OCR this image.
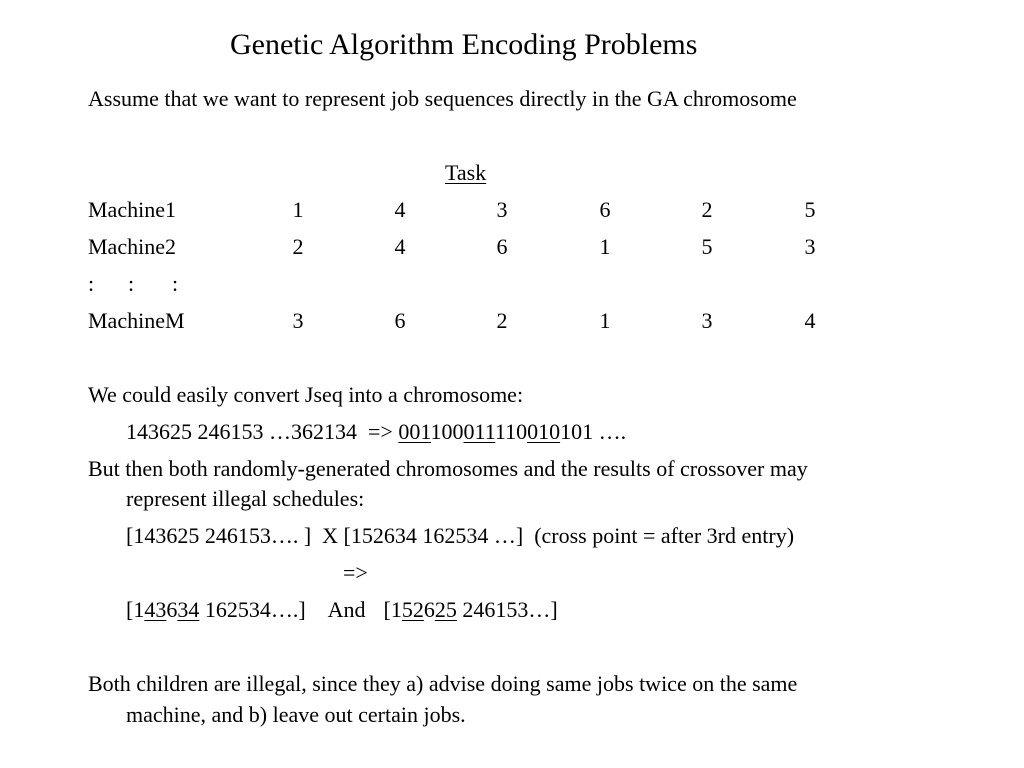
Genetic Algorithm Encoding Problems
Assume that we want to represent job sequences directly in the GA chromosome
Task
Machine1	1	4	3	6	2	5
Machine2	2	4	6	1	5	3
: : :
MachineM	3	6	2	1	3	4
We could easily convert Jseq into a chromosome:
143625 246153 …362134  => 001100011110010101 ….
But then both randomly-generated chromosomes and the results of crossover may
represent illegal schedules:
[143625 246153…. ]  X [152634 162534 …]  (cross point = after 3rd entry)
=>
[143634 162534….] And [152625 246153…]
Both children are illegal, since they a) advise doing same jobs twice on the same
machine, and b) leave out certain jobs.
